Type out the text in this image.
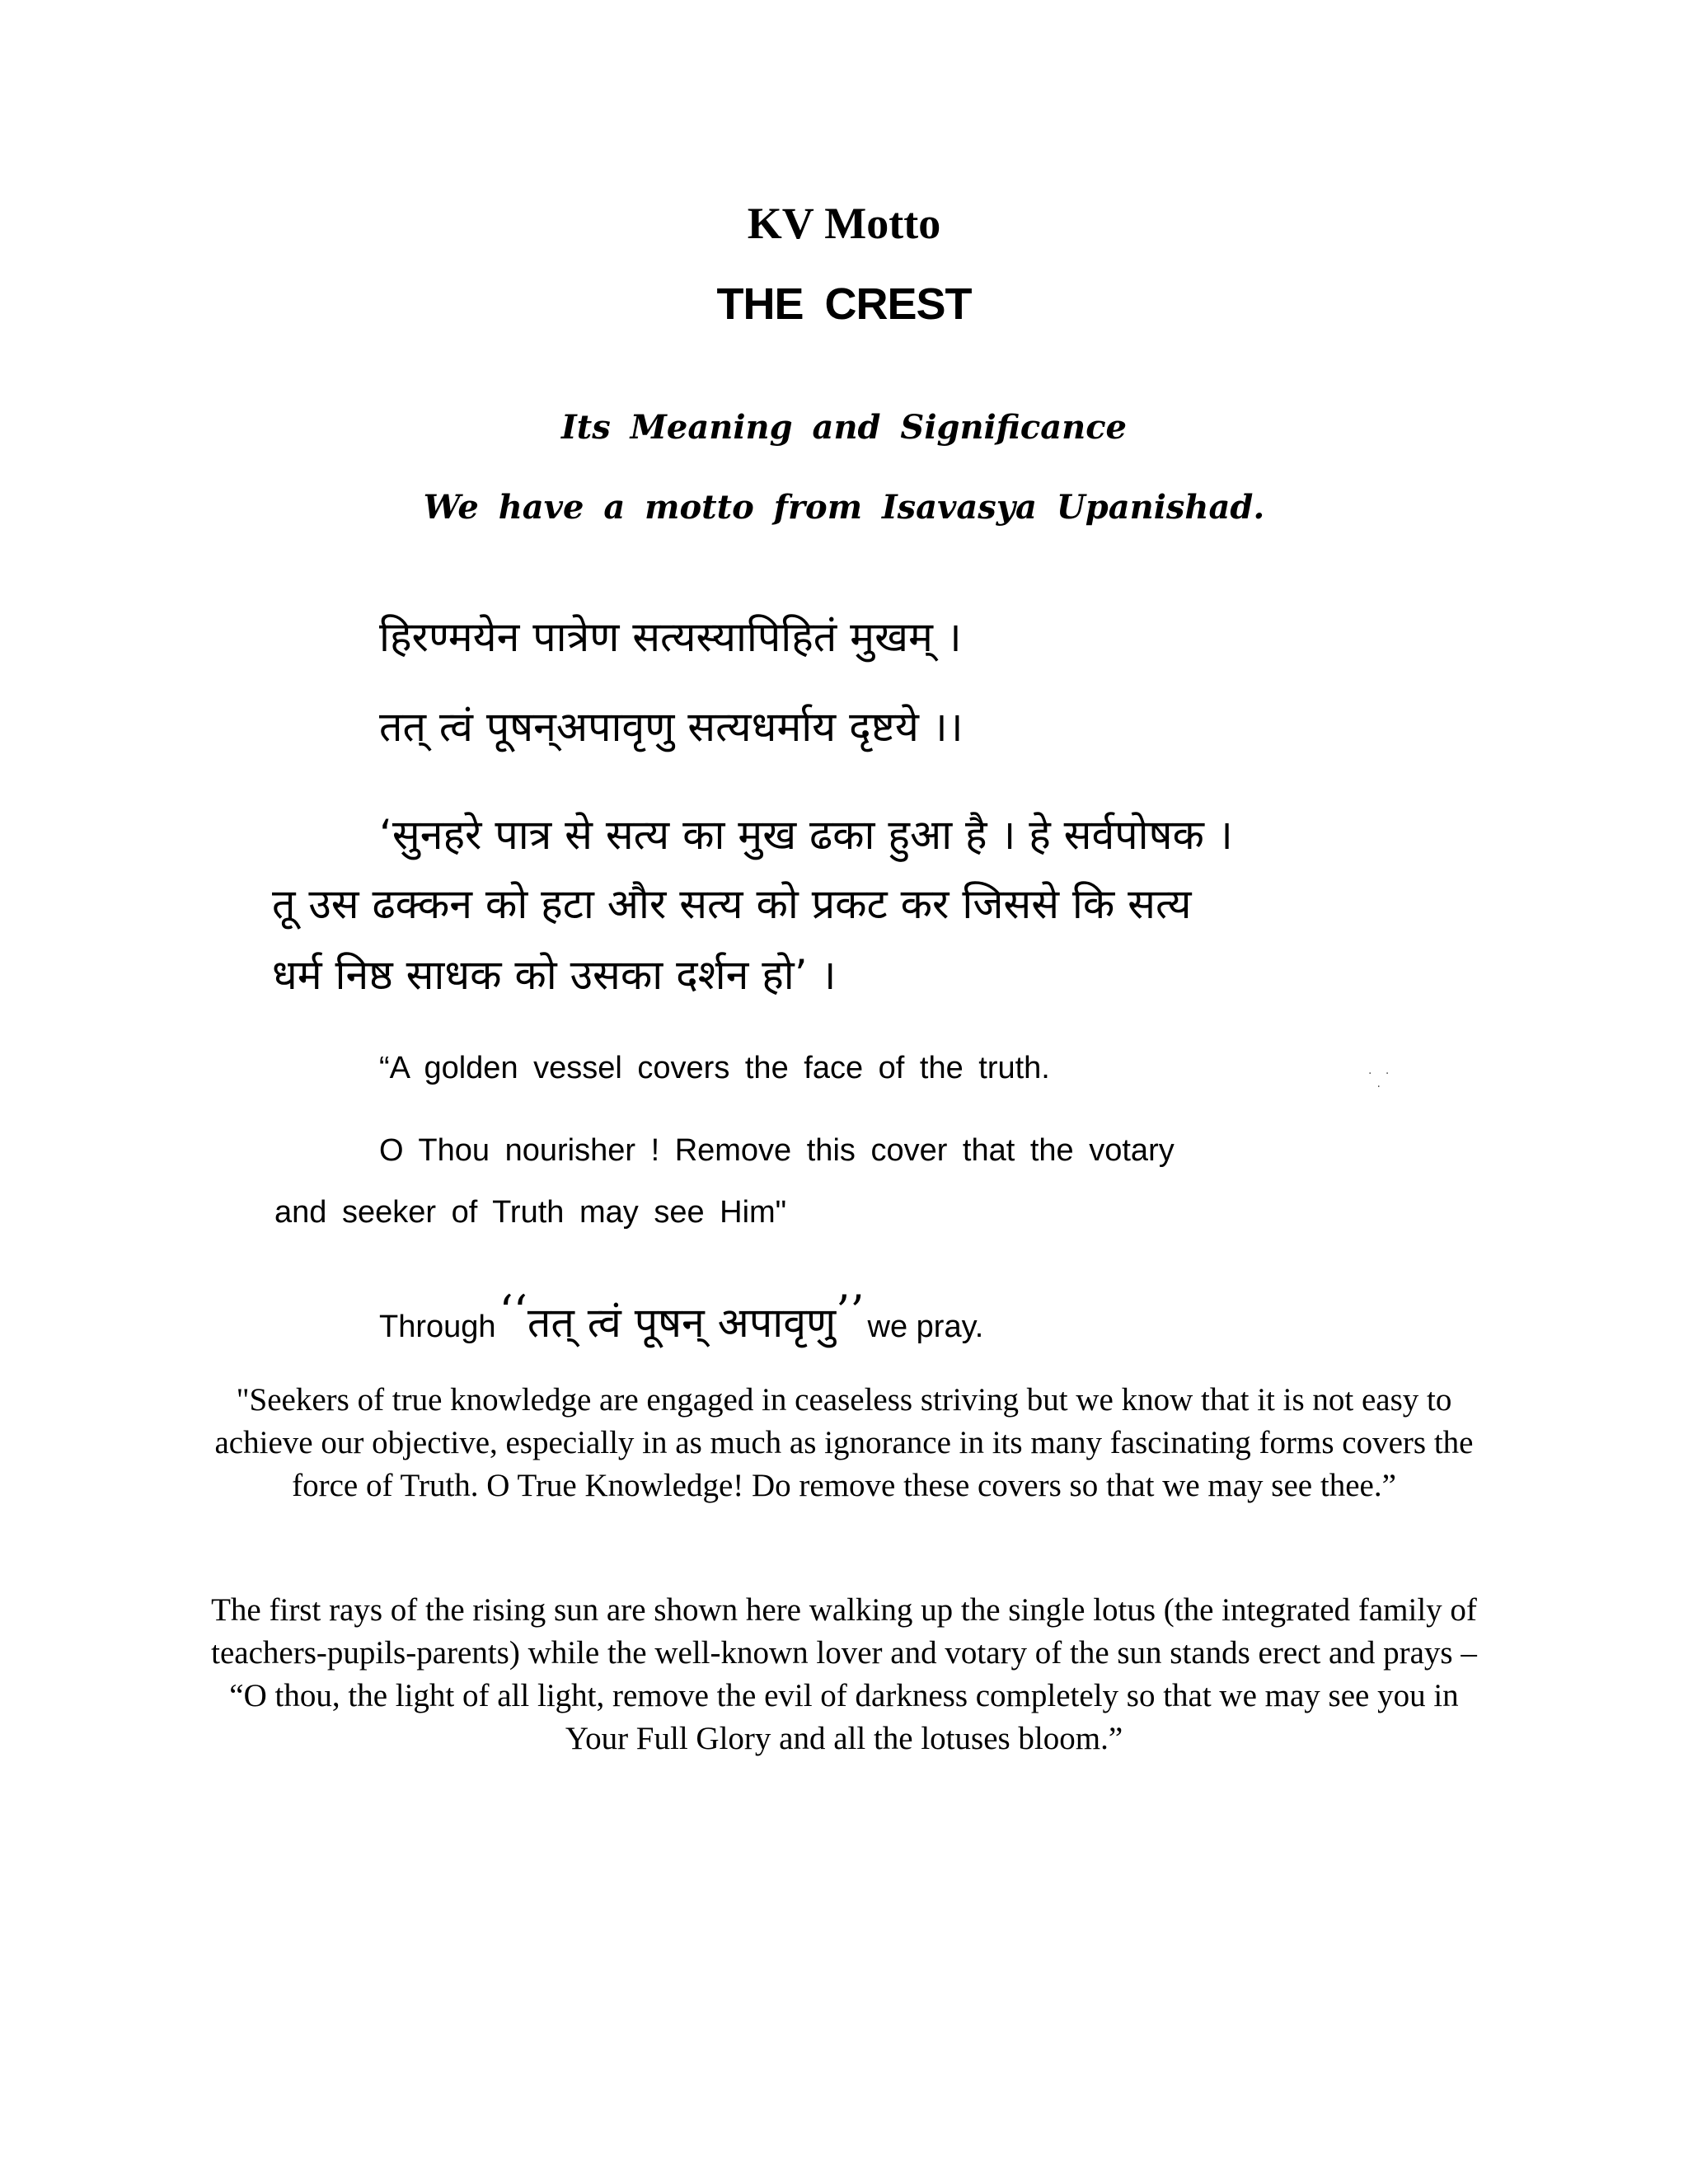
KV Motto
THE CREST
Its Meaning and Significance
We have a motto from Isavasya Upanishad.
हिरण्मयेन पात्रेण सत्यस्यापिहितं मुखम् ।
तत् त्वं पूषन्‌अपावृणु सत्यधर्माय दृष्टये ।।
‘सुनहरे पात्र से सत्य का मुख ढका हुआ है । हे सर्वपोषक ।
तू उस ढक्कन को हटा और सत्य को प्रकट कर जिससे कि सत्य
धर्म निष्ठ साधक को उसका दर्शन हो’ ।
“A golden vessel covers the face of the truth.	· ·
·
O Thou nourisher ! Remove this cover that the votary
and seeker of Truth may see Him"
Through ‘‘तत् त्वं पूषन् अपावृणु’’ we pray.

"Seekers of true knowledge are engaged in ceaseless striving but we know that it is not easy to achieve our objective, especially in as much as ignorance in its many fascinating forms covers the force of Truth. O True Knowledge! Do remove these covers so that we may see thee.”

The first rays of the rising sun are shown here walking up the single lotus (the integrated family of teachers-pupils-parents) while the well-known lover and votary of the sun stands erect and prays – “O thou, the light of all light, remove the evil of darkness completely so that we may see you in Your Full Glory and all the lotuses bloom.”
